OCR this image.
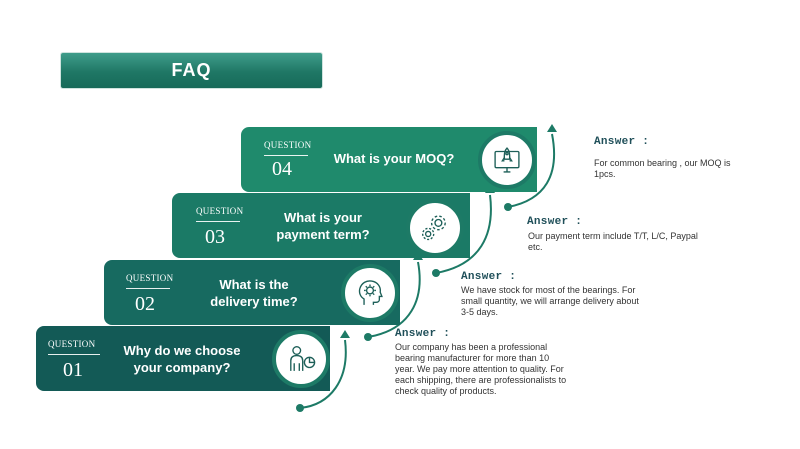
FAQ
QUESTION
01
Why do we choose your company?
QUESTION
02
What is the delivery time?
QUESTION
03
What is your payment term?
QUESTION
04	What is your MOQ?
Answer :
For common bearing , our MOQ is 1pcs.
Answer :
Our payment term include T/T, L/C, Paypal etc.
Answer :
We have stock for most of the bearings. For small quantity, we will arrange delivery about 3-5 days.
Answer :
Our company has been a professional bearing manufacturer for more than 10 year. We pay more attention to quality. For each shipping, there are professionalists to check quality of products.
